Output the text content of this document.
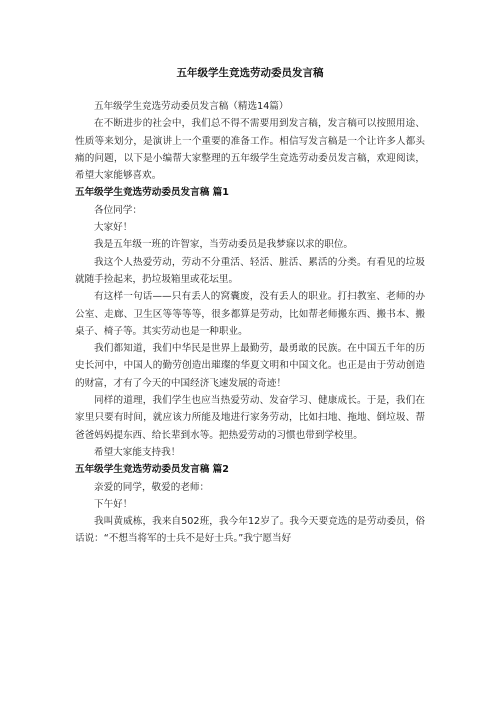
五年级学生竞选劳动委员发言稿

五年级学生竞选劳动委员发言稿（精选14篇）

在不断进步的社会中，我们总不得不需要用到发言稿，发言稿可以按照用途、性质等来划分，是演讲上一个重要的准备工作。相信写发言稿是一个让许多人都头痛的问题，以下是小编帮大家整理的五年级学生竞选劳动委员发言稿，欢迎阅读，希望大家能够喜欢。

五年级学生竞选劳动委员发言稿 篇1

各位同学：

大家好！

我是五年级一班的许智家，当劳动委员是我梦寐以求的职位。

我这个人热爱劳动，劳动不分重活、轻活、脏活、累活的分类。有看见的垃圾就随手捡起来，扔垃圾箱里或花坛里。

有这样一句话——只有丢人的窝囊废，没有丢人的职业。打扫教室、老师的办公室、走廊、卫生区等等等等，很多都算是劳动，比如帮老师搬东西、搬书本、搬桌子、椅子等。其实劳动也是一种职业。

我们都知道，我们中华民是世界上最勤劳，最勇敢的民族。在中国五千年的历史长河中，中国人的勤劳创造出璀璨的华夏文明和中国文化。也正是由于劳动创造的财富，才有了今天的中国经济飞速发展的奇迹！

同样的道理，我们学生也应当热爱劳动、发奋学习、健康成长。于是，我们在家里只要有时间，就应该力所能及地进行家务劳动，比如扫地、拖地、倒垃圾、帮爸爸妈妈提东西、给长辈到水等。把热爱劳动的习惯也带到学校里。

希望大家能支持我！

五年级学生竞选劳动委员发言稿 篇2

亲爱的同学，敬爱的老师：

下午好！

我叫黄威栋，我来自502班，我今年12岁了。我今天要竞选的是劳动委员，俗话说：“不想当将军的士兵不是好士兵。”我宁愿当好
